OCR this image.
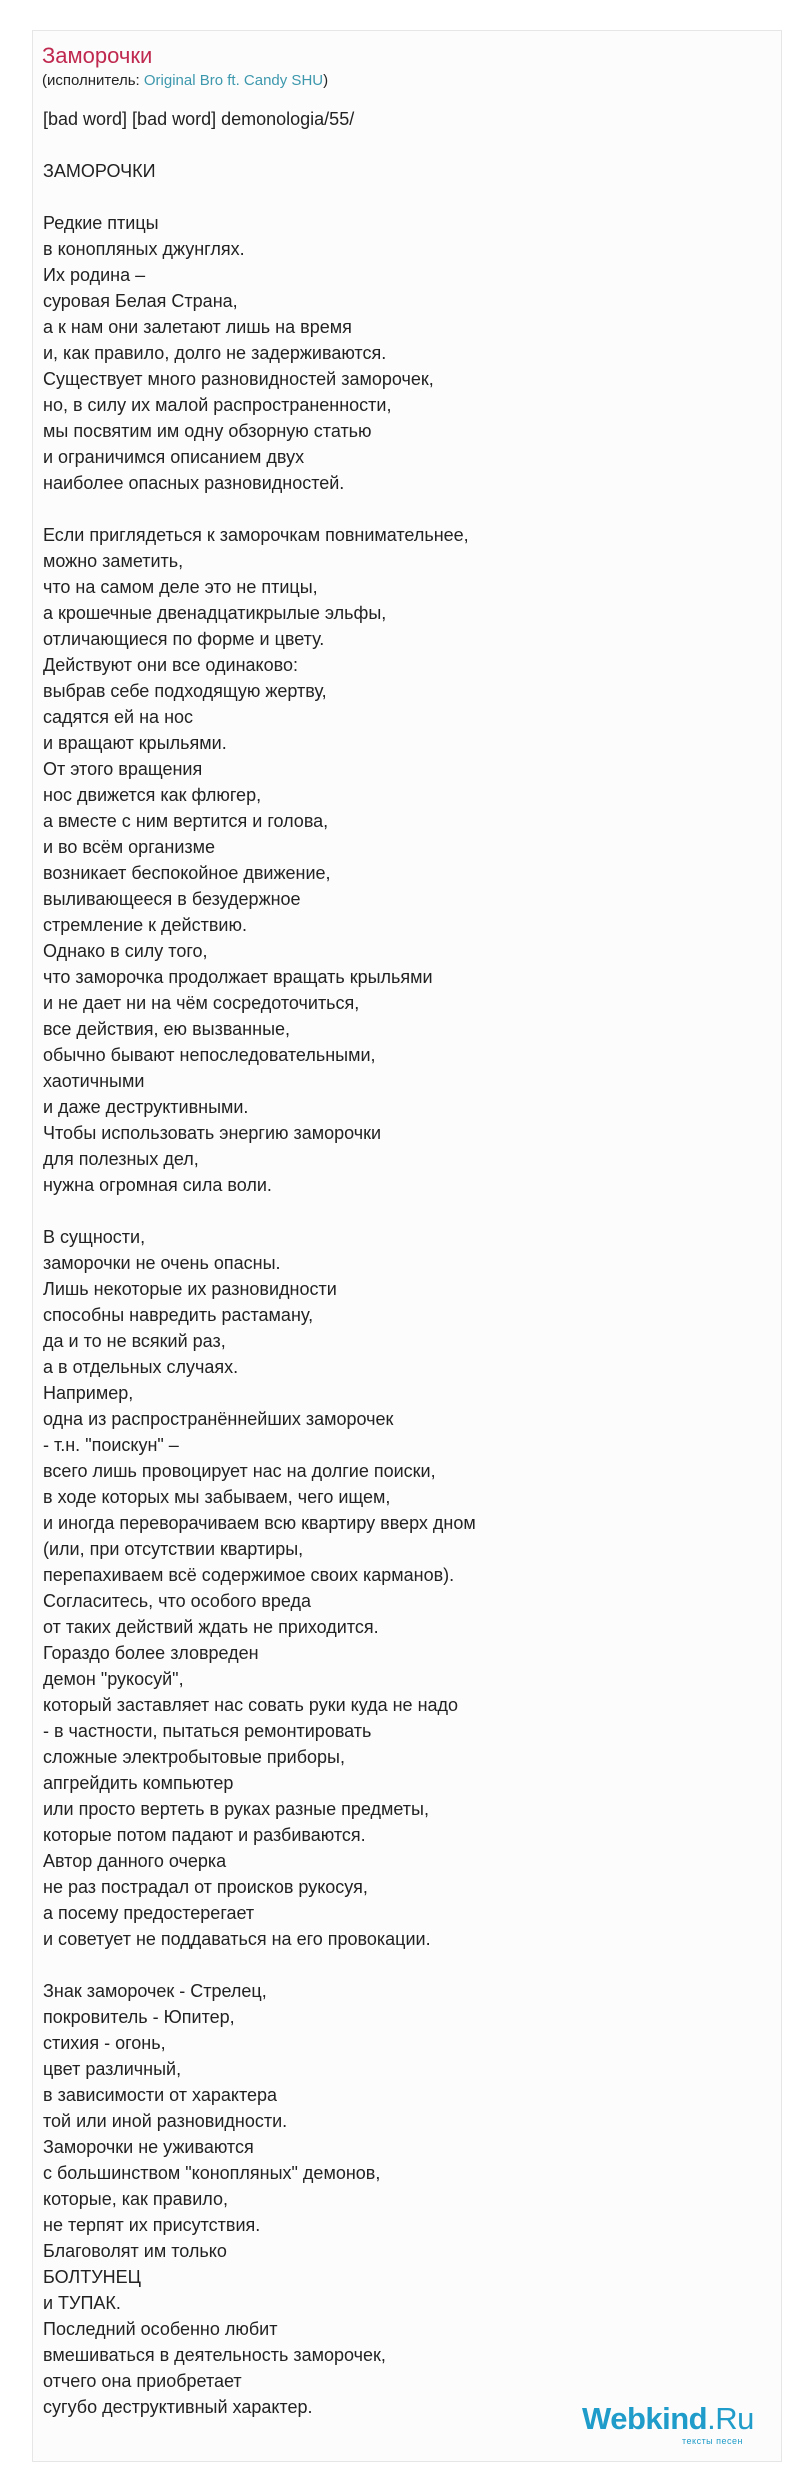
Заморочки
(исполнитель: Original Bro ft. Candy SHU)
[bad word] [bad word] demonologia/55/
ЗАМОРОЧКИ
Редкие птицы
в конопляных джунглях.
Их родина –
суровая Белая Страна,
а к нам они залетают лишь на время
и, как правило, долго не задерживаются.
Существует много разновидностей заморочек,
но, в силу их малой распространенности,
мы посвятим им одну обзорную статью
и ограничимся описанием двух
наиболее опасных разновидностей.
Если приглядеться к заморочкам повнимательнее,
можно заметить,
что на самом деле это не птицы,
а крошечные двенадцатикрылые эльфы,
отличающиеся по форме и цвету.
Действуют они все одинаково:
выбрав себе подходящую жертву,
садятся ей на нос
и вращают крыльями.
От этого вращения
нос движется как флюгер,
а вместе с ним вертится и голова,
и во всём организме
возникает беспокойное движение,
выливающееся в безудержное
стремление к действию.
Однако в силу того,
что заморочка продолжает вращать крыльями
и не дает ни на чём сосредоточиться,
все действия, ею вызванные,
обычно бывают непоследовательными,
хаотичными
и даже деструктивными.
Чтобы использовать энергию заморочки
для полезных дел,
нужна огромная сила воли.
В сущности,
заморочки не очень опасны.
Лишь некоторые их разновидности
способны навредить растаману,
да и то не всякий раз,
а в отдельных случаях.
Например,
одна из распространённейших заморочек
- т.н. "поискун" –
всего лишь провоцирует нас на долгие поиски,
в ходе которых мы забываем, чего ищем,
и иногда переворачиваем всю квартиру вверх дном
(или, при отсутствии квартиры,
перепахиваем всё содержимое своих карманов).
Согласитесь, что особого вреда
от таких действий ждать не приходится.
Гораздо более зловреден
демон "рукосуй",
который заставляет нас совать руки куда не надо
- в частности, пытаться ремонтировать
сложные электробытовые приборы,
апгрейдить компьютер
или просто вертеть в руках разные предметы,
которые потом падают и разбиваются.
Автор данного очерка
не раз пострадал от происков рукосуя,
а посему предостерегает
и советует не поддаваться на его провокации.
Знак заморочек - Стрелец,
покровитель - Юпитер,
стихия - огонь,
цвет различный,
в зависимости от характера
той или иной разновидности.
Заморочки не уживаются
с большинством "конопляных" демонов,
которые, как правило,
не терпят их присутствия.
Благоволят им только
БОЛТУНЕЦ
и ТУПАК.
Последний особенно любит
вмешиваться в деятельность заморочек,
отчего она приобретает
сугубо деструктивный характер.	Webkind.Ru
тексты песен
